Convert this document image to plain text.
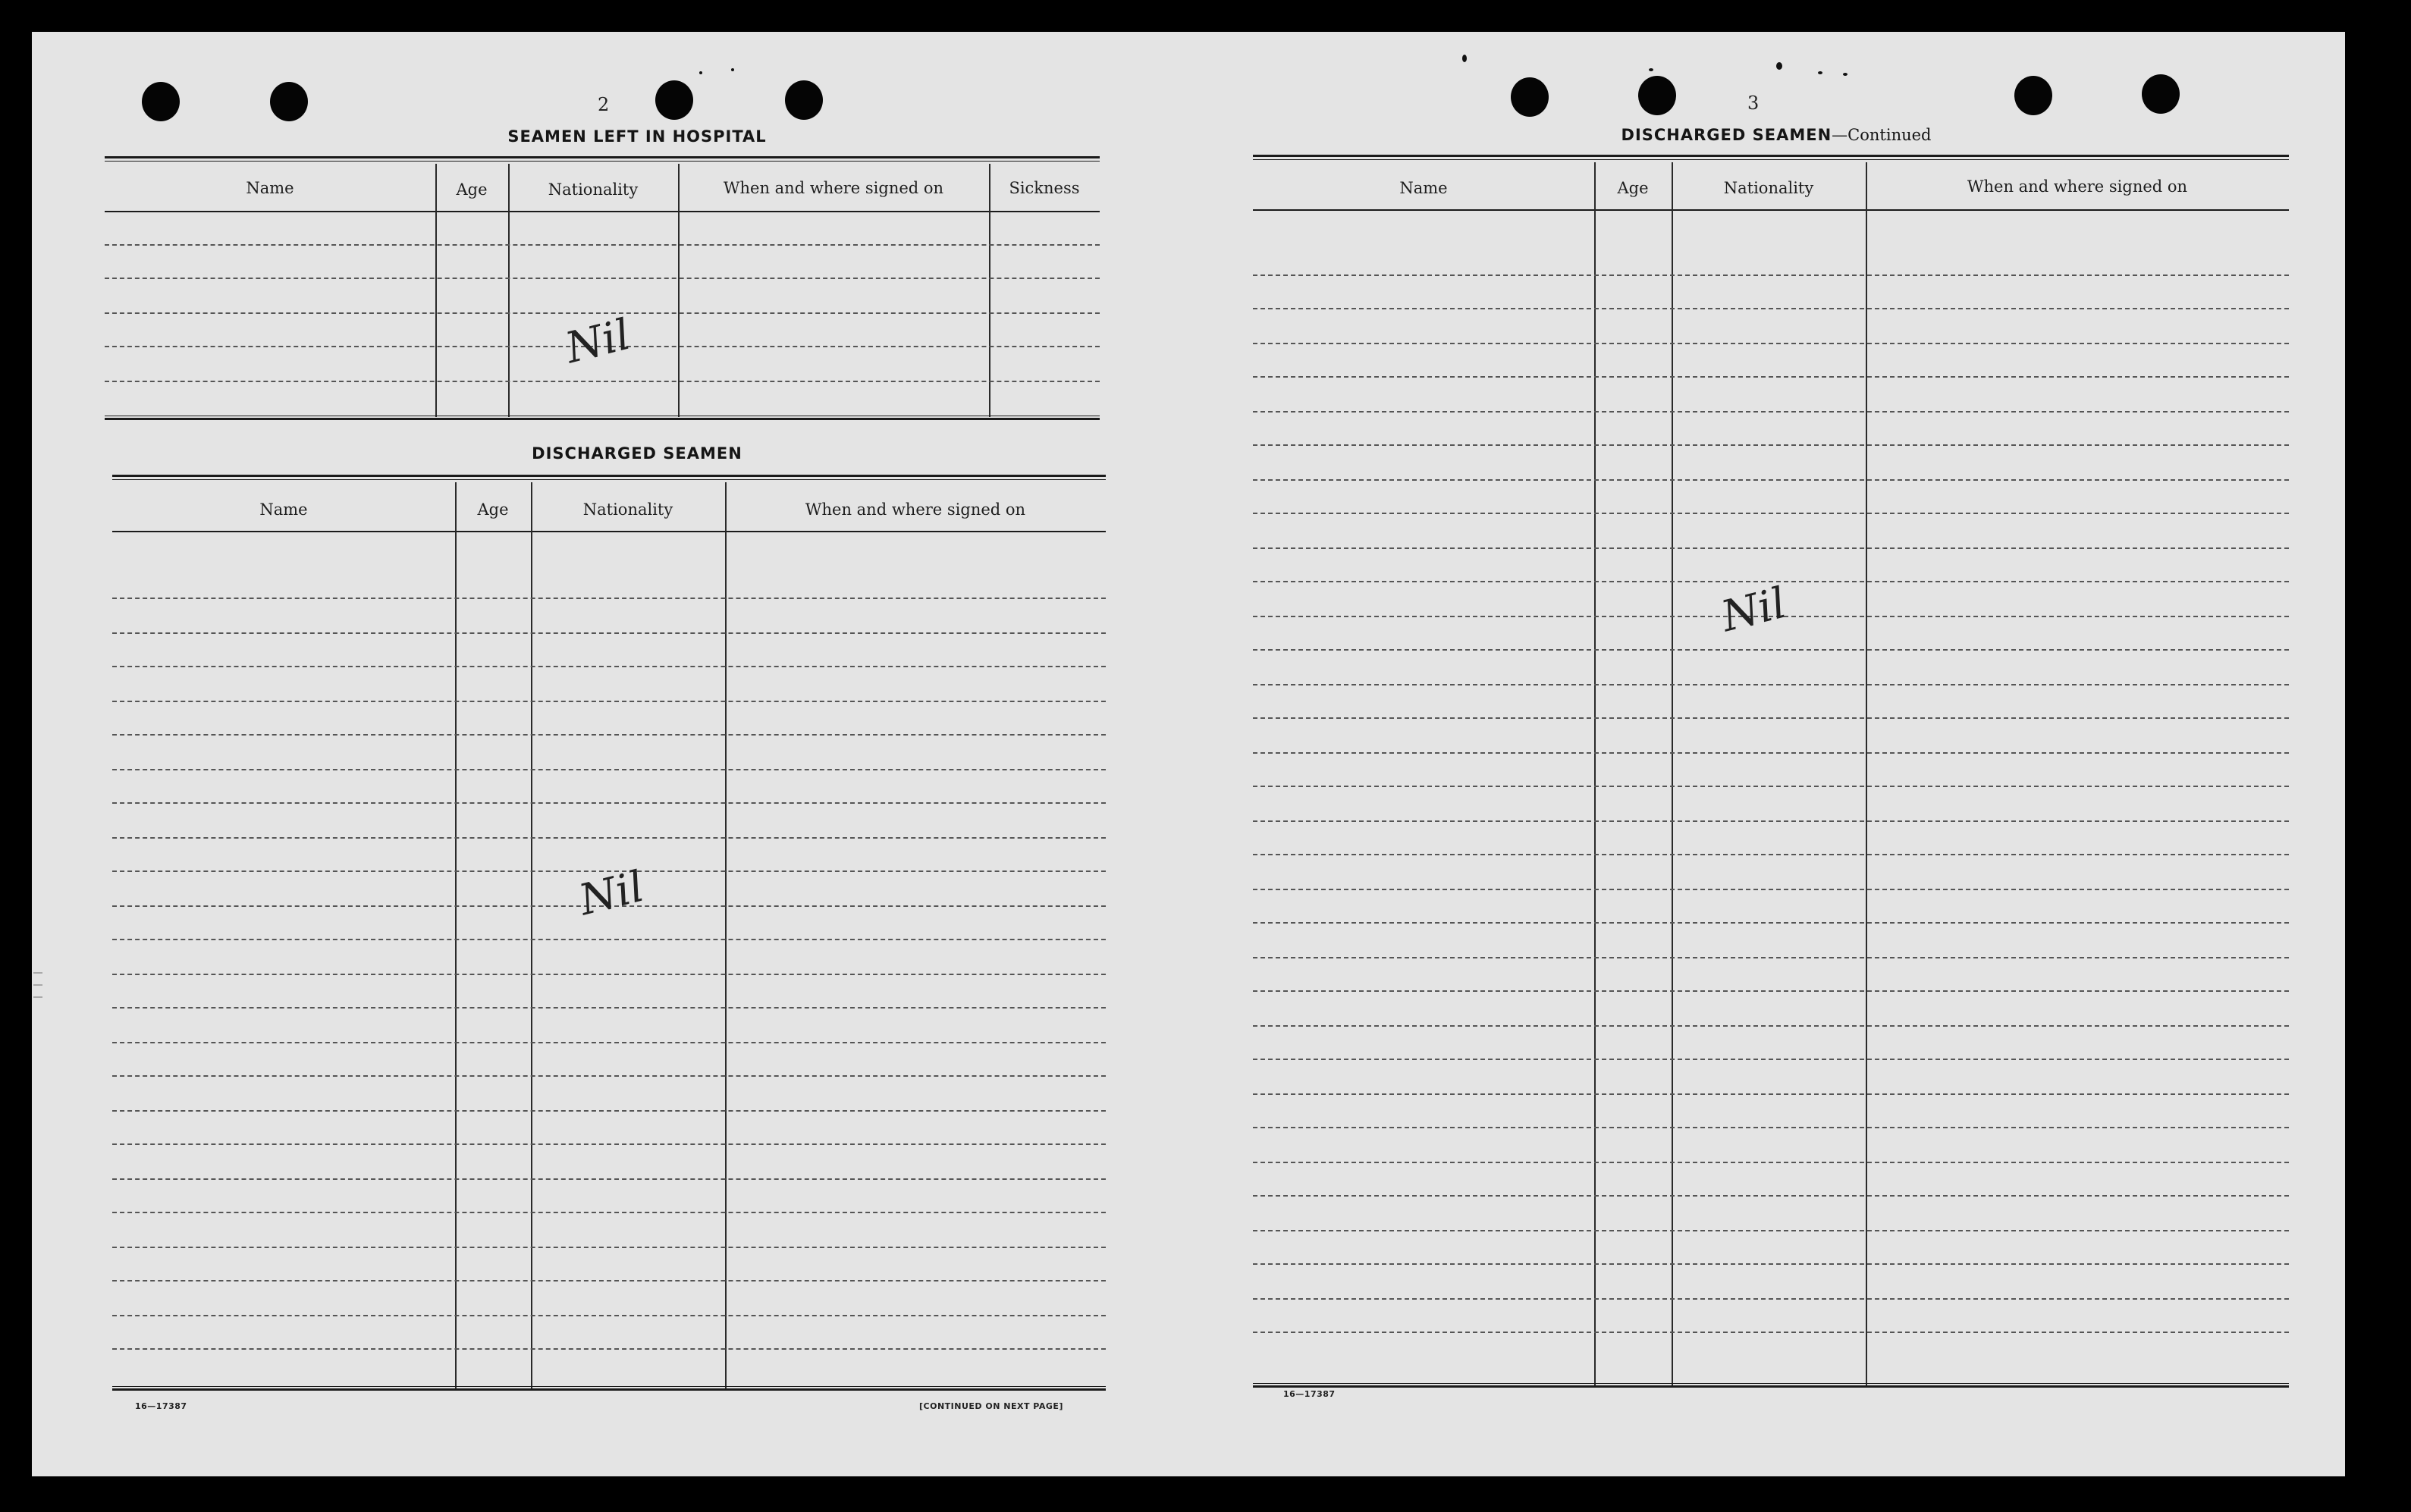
2
SEAMEN LEFT IN HOSPITAL
Name	Age	Nationality	When and where signed on	Sickness
Nil
DISCHARGED SEAMEN
Name	Age	Nationality	When and where signed on
Nil
16—17387	[CONTINUED ON NEXT PAGE]
3
DISCHARGED SEAMEN—Continued
Name	Age	Nationality	When and where signed on
Nil
16—17387
